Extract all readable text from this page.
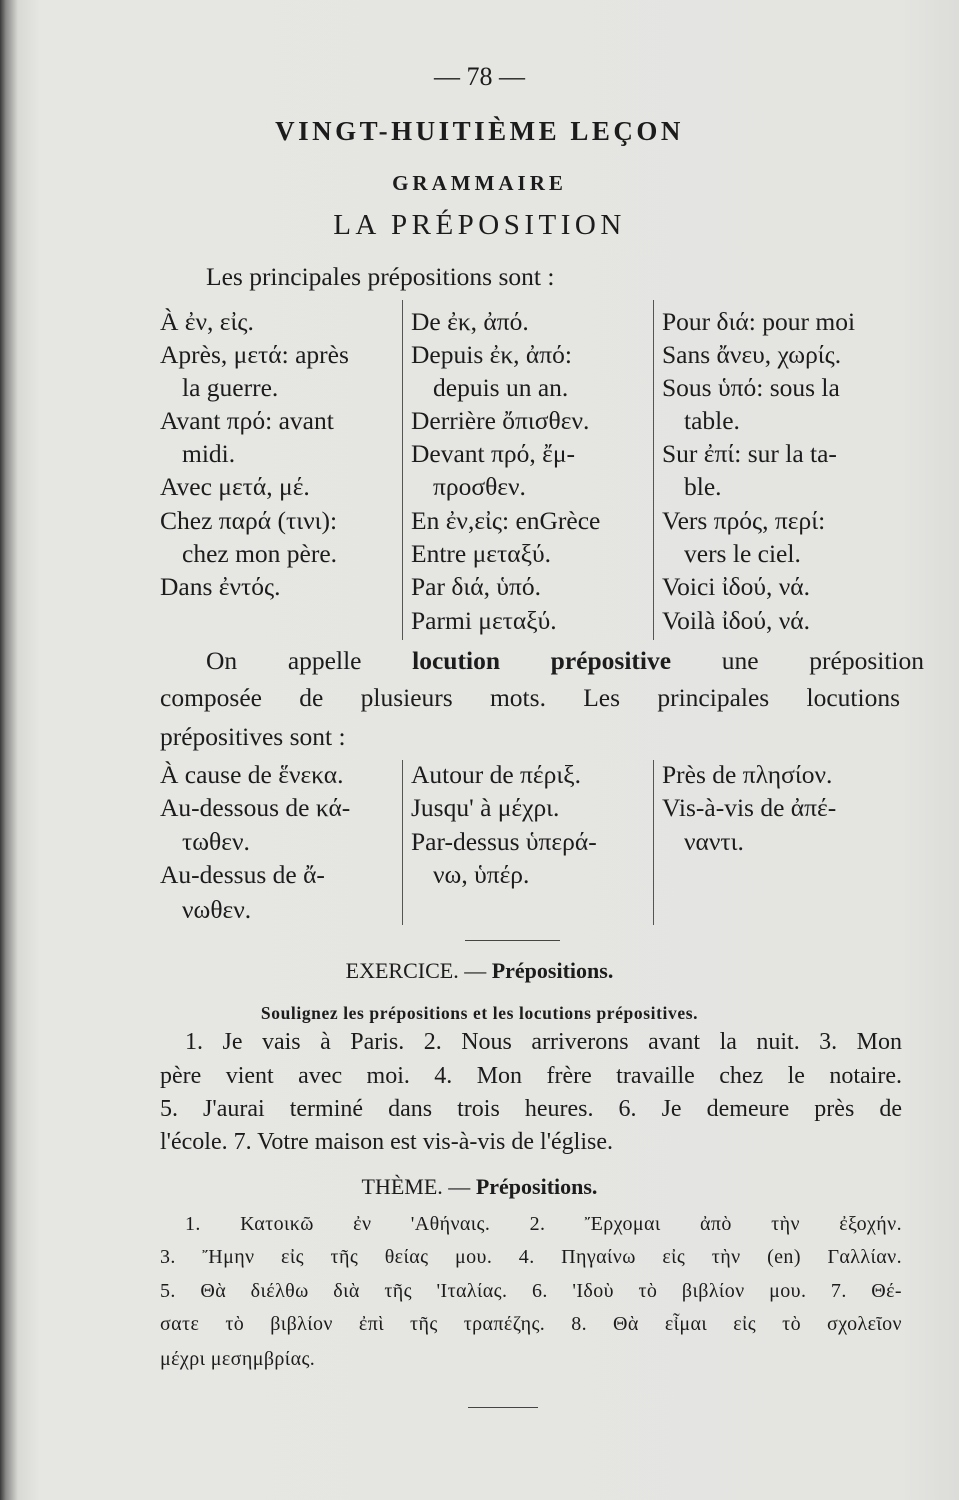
— 78 —
VINGT-HUITIÈME LEÇON
GRAMMAIRE
LA PRÉPOSITION
Les principales prépositions sont :
À ἐν, εἰς.
Après, μετά: après
la guerre.
Avant πρό: avant
midi.
Avec μετά, μέ.
Chez παρά (τινι):
chez mon père.
Dans ἐντός.
De ἐκ, ἀπό.
Depuis ἐκ, ἀπό:
depuis un an.
Derrière ὄπισθεν.
Devant πρό, ἔμ-
προσθεν.
En ἐν,εἰς: enGrèce
Entre μεταξύ.
Par διά, ὑπό.
Parmi μεταξύ.
Pour διά: pour moi
Sans ἄνευ, χωρίς.
Sous ὑπό: sous la
table.
Sur ἐπί: sur la ta-
ble.
Vers πρός, περί:
vers le ciel.
Voici ἰδού, νά.
Voilà ἰδού, νά.
On appelle locution prépositive une préposition
composée de plusieurs mots. Les principales locutions
prépositives sont :
À cause de ἕνεκα.
Au-dessous de κά-
τωθεν.
Au-dessus de ἄ-
νωθεν.
Autour de πέριξ.
Jusqu' à μέχρι.
Par-dessus ὑπερά-
νω, ὑπέρ.
Près de πλησίον.
Vis-à-vis de ἀπέ-
ναντι.
EXERCICE. — Prépositions.
Soulignez les prépositions et les locutions prépositives.
1. Je vais à Paris. 2. Nous arriverons avant la nuit. 3. Mon
père vient avec moi. 4. Mon frère travaille chez le notaire.
5. J'aurai terminé dans trois heures. 6. Je demeure près de
l'école. 7. Votre maison est vis-à-vis de l'église.
THÈME. — Prépositions.
1. Κατοικῶ ἐν 'Αθήναις. 2. Ἔρχομαι ἀπὸ τὴν ἐξοχήν.
3. Ἤμην εἰς τῆς θείας μου. 4. Πηγαίνω εἰς τὴν (en) Γαλλίαν.
5. Θὰ διέλθω διὰ τῆς 'Ιταλίας. 6. 'Ιδοὺ τὸ βιβλίον μου. 7. Θέ-
σατε τὸ βιβλίον ἐπὶ τῆς τραπέζης. 8. Θὰ εἶμαι εἰς τὸ σχολεῖον
μέχρι μεσημβρίας.
